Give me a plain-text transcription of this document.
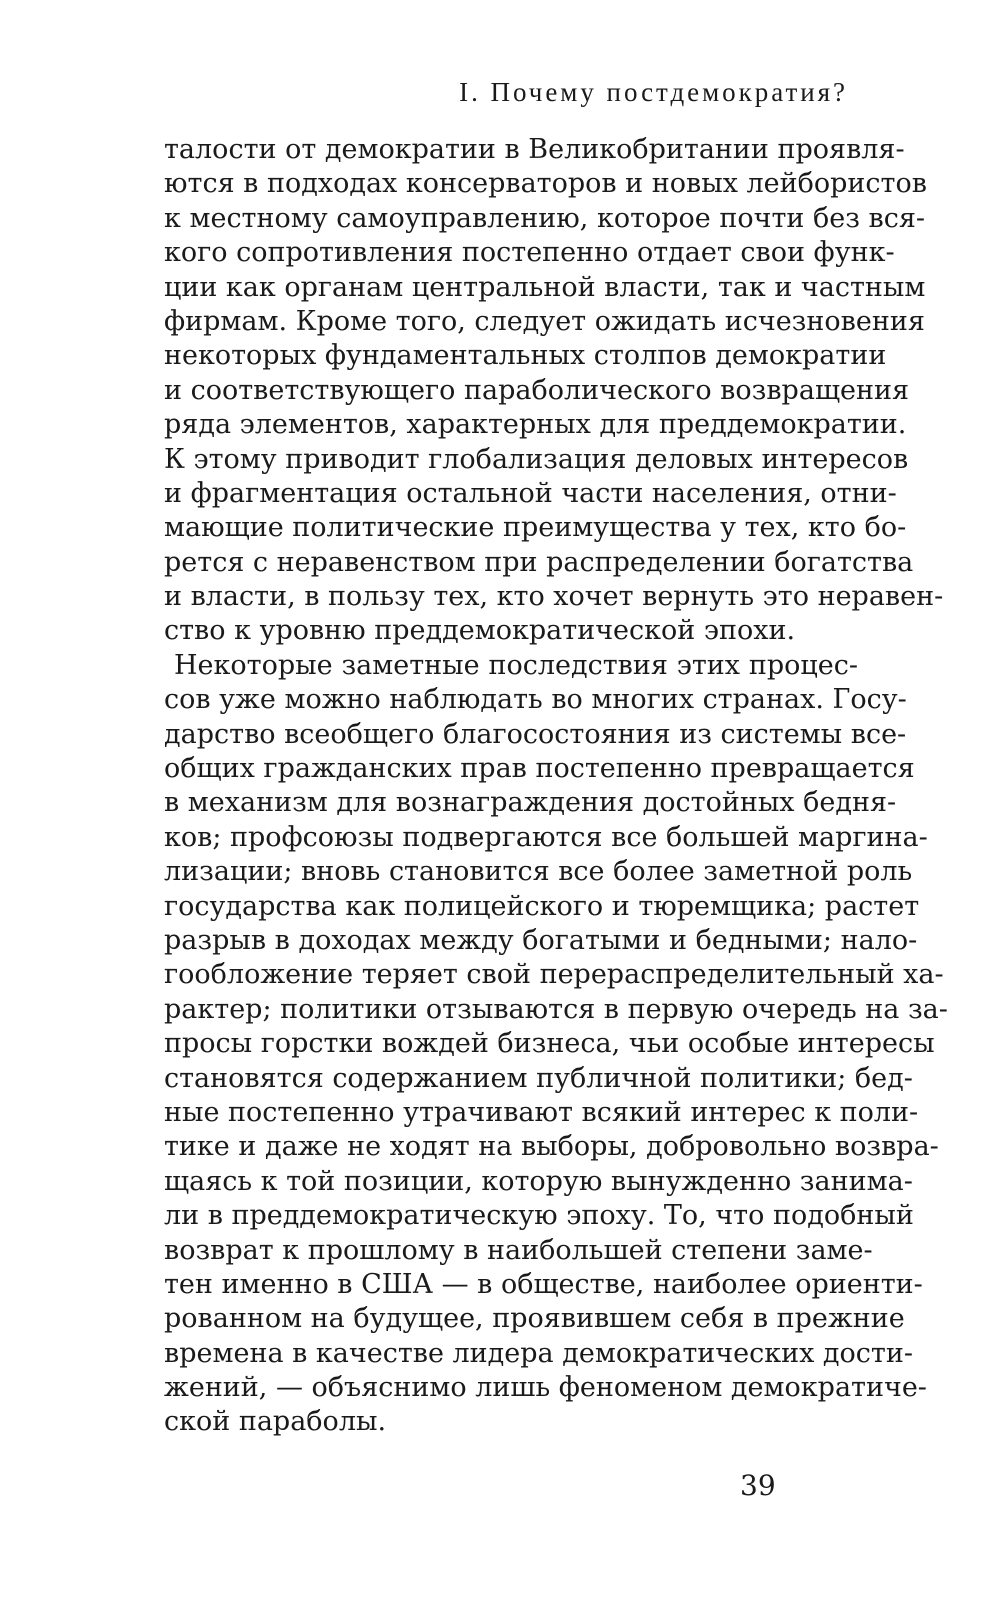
I. Почему постдемократия?
талости от демократии в Великобритании проявля-
ются в подходах консерваторов и новых лейбористов
к местному самоуправлению, которое почти без вся-
кого сопротивления постепенно отдает свои функ-
ции как органам центральной власти, так и частным
фирмам. Кроме того, следует ожидать исчезновения
некоторых фундаментальных столпов демократии
и соответствующего параболического возвращения
ряда элементов, характерных для преддемократии.
К этому приводит глобализация деловых интересов
и фрагментация остальной части населения, отни-
мающие политические преимущества у тех, кто бо-
рется с неравенством при распределении богатства
и власти, в пользу тех, кто хочет вернуть это неравен-
ство к уровню преддемократической эпохи.
Некоторые заметные последствия этих процес-
сов уже можно наблюдать во многих странах. Госу-
дарство всеобщего благосостояния из системы все-
общих гражданских прав постепенно превращается
в механизм для вознаграждения достойных бедня-
ков; профсоюзы подвергаются все большей маргина-
лизации; вновь становится все более заметной роль
государства как полицейского и тюремщика; растет
разрыв в доходах между богатыми и бедными; нало-
гообложение теряет свой перераспределительный ха-
рактер; политики отзываются в первую очередь на за-
просы горстки вождей бизнеса, чьи особые интересы
становятся содержанием публичной политики; бед-
ные постепенно утрачивают всякий интерес к поли-
тике и даже не ходят на выборы, добровольно возвра-
щаясь к той позиции, которую вынужденно занима-
ли в преддемократическую эпоху. То, что подобный
возврат к прошлому в наибольшей степени заме-
тен именно в США — в обществе, наиболее ориенти-
рованном на будущее, проявившем себя в прежние
времена в качестве лидера демократических дости-
жений, — объяснимо лишь феноменом демократиче-
ской параболы.
39
